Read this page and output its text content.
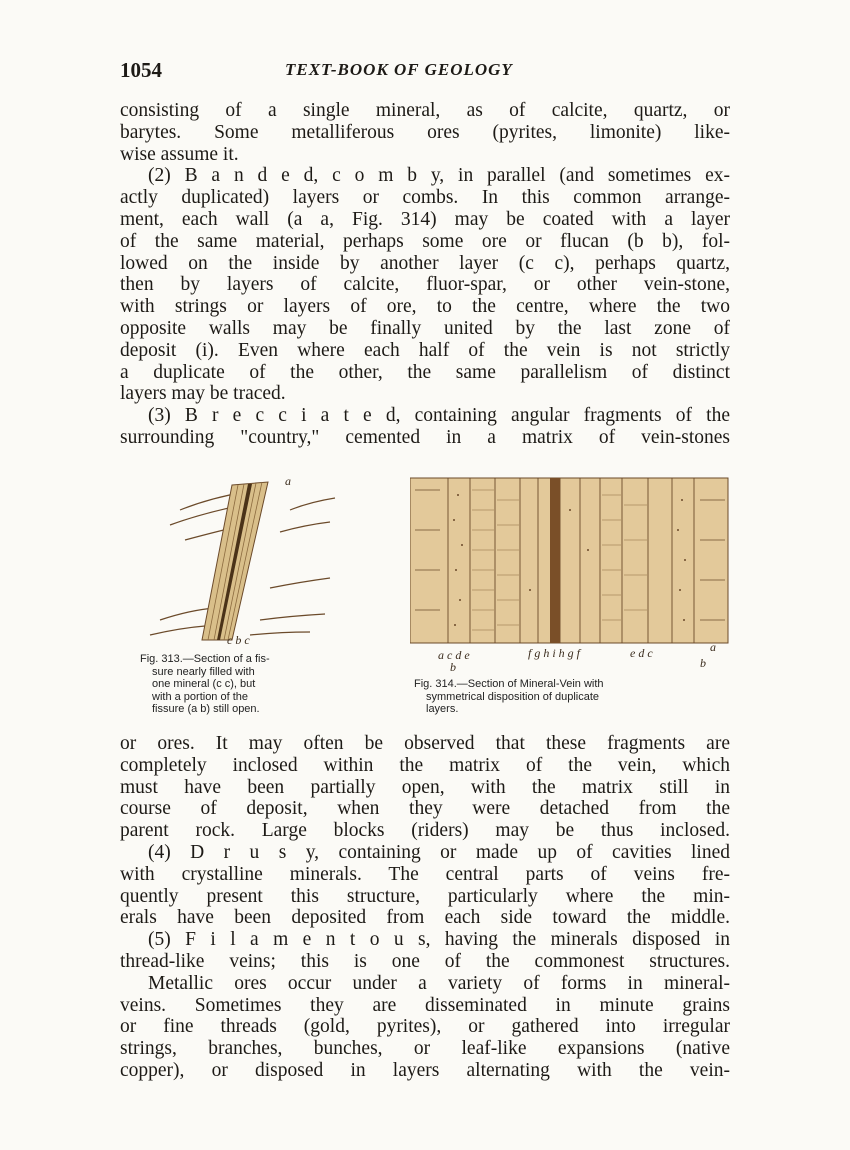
1054	TEXT-BOOK OF GEOLOGY
consisting of a single mineral, as of calcite, quartz, or
barytes. Some metalliferous ores (pyrites, limonite) like-
wise assume it.
(2) B a n d e d, c o m b y, in parallel (and sometimes ex-
actly duplicated) layers or combs. In this common arrange-
ment, each wall (a a, Fig. 314) may be coated with a layer
of the same material, perhaps some ore or flucan (b b), fol-
lowed on the inside by another layer (c c), perhaps quartz,
then by layers of calcite, fluor-spar, or other vein-stone,
with strings or layers of ore, to the centre, where the two
opposite walls may be finally united by the last zone of
deposit (i). Even where each half of the vein is not strictly
a duplicate of the other, the same parallelism of distinct
layers may be traced.
(3) B r e c c i a t e d, containing angular fragments of the
surrounding "country," cemented in a matrix of vein-stones
a
c b c
Fig. 313.—Section of a fis-
sure nearly filled with
one mineral (c c), but
with a portion of the
fissure (a b) still open.
a c d e	f g h i h g f	e d c	a
b	b
Fig. 314.—Section of Mineral-Vein with
symmetrical disposition of duplicate
layers.
or ores. It may often be observed that these fragments are
completely inclosed within the matrix of the vein, which
must have been partially open, with the matrix still in
course of deposit, when they were detached from the
parent rock. Large blocks (riders) may be thus inclosed.
(4) D r u s y, containing or made up of cavities lined
with crystalline minerals. The central parts of veins fre-
quently present this structure, particularly where the min-
erals have been deposited from each side toward the middle.
(5) F i l a m e n t o u s, having the minerals disposed in
thread-like veins; this is one of the commonest structures.
Metallic ores occur under a variety of forms in mineral-
veins. Sometimes they are disseminated in minute grains
or fine threads (gold, pyrites), or gathered into irregular
strings, branches, bunches, or leaf-like expansions (native
copper), or disposed in layers alternating with the vein-
